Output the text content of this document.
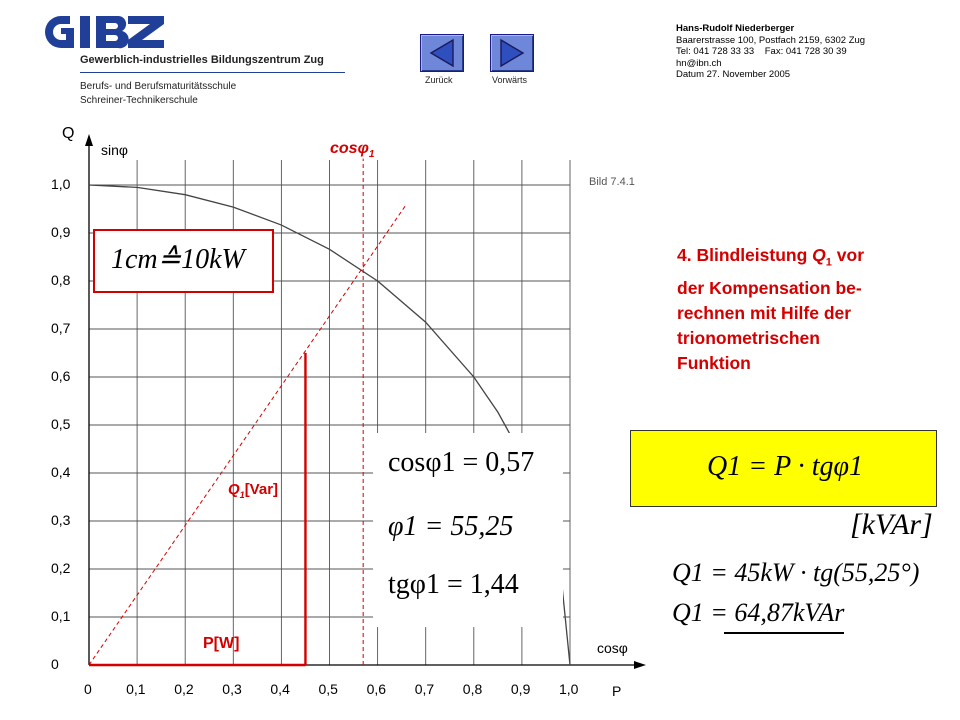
Gewerblich-industrielles Bildungszentrum Zug
Berufs- und Berufsmaturitätsschule
Schreiner-Technikerschule
Zurück	Vorwärts
Hans-Rudolf Niederberger
Baarerstrasse 100, Postfach 2159, 6302 Zug
Tel: 041 728 33 33    Fax: 041 728 30 39
hn@ibn.ch
Datum 27. November 2005
0 0,1 0,2 0,3 0,4 0,5 0,6 0,7 0,8 0,9 1,0
0
0,1
0,2
0,3
0,4
0,5
0,6
0,7
0,8
0,9
1,0
Q
sinφ
cosφ
P
Bild 7.4.1
cosφ$_1$
1cm≙10kW
$Q_1[Var]$
P[W]
cosφ1 = 0,57
φ1 = 55,25
tgφ1 = 1,44
4. Blindleistung $Q_1$ vor
der Kompensation be-
rechnen mit Hilfe der
trionometrischen
Funktion
Q1 = P · tgφ1
[kVAr]
Q1 = 45kW · tg(55,25°)
Q1 = 64,87kVAr
